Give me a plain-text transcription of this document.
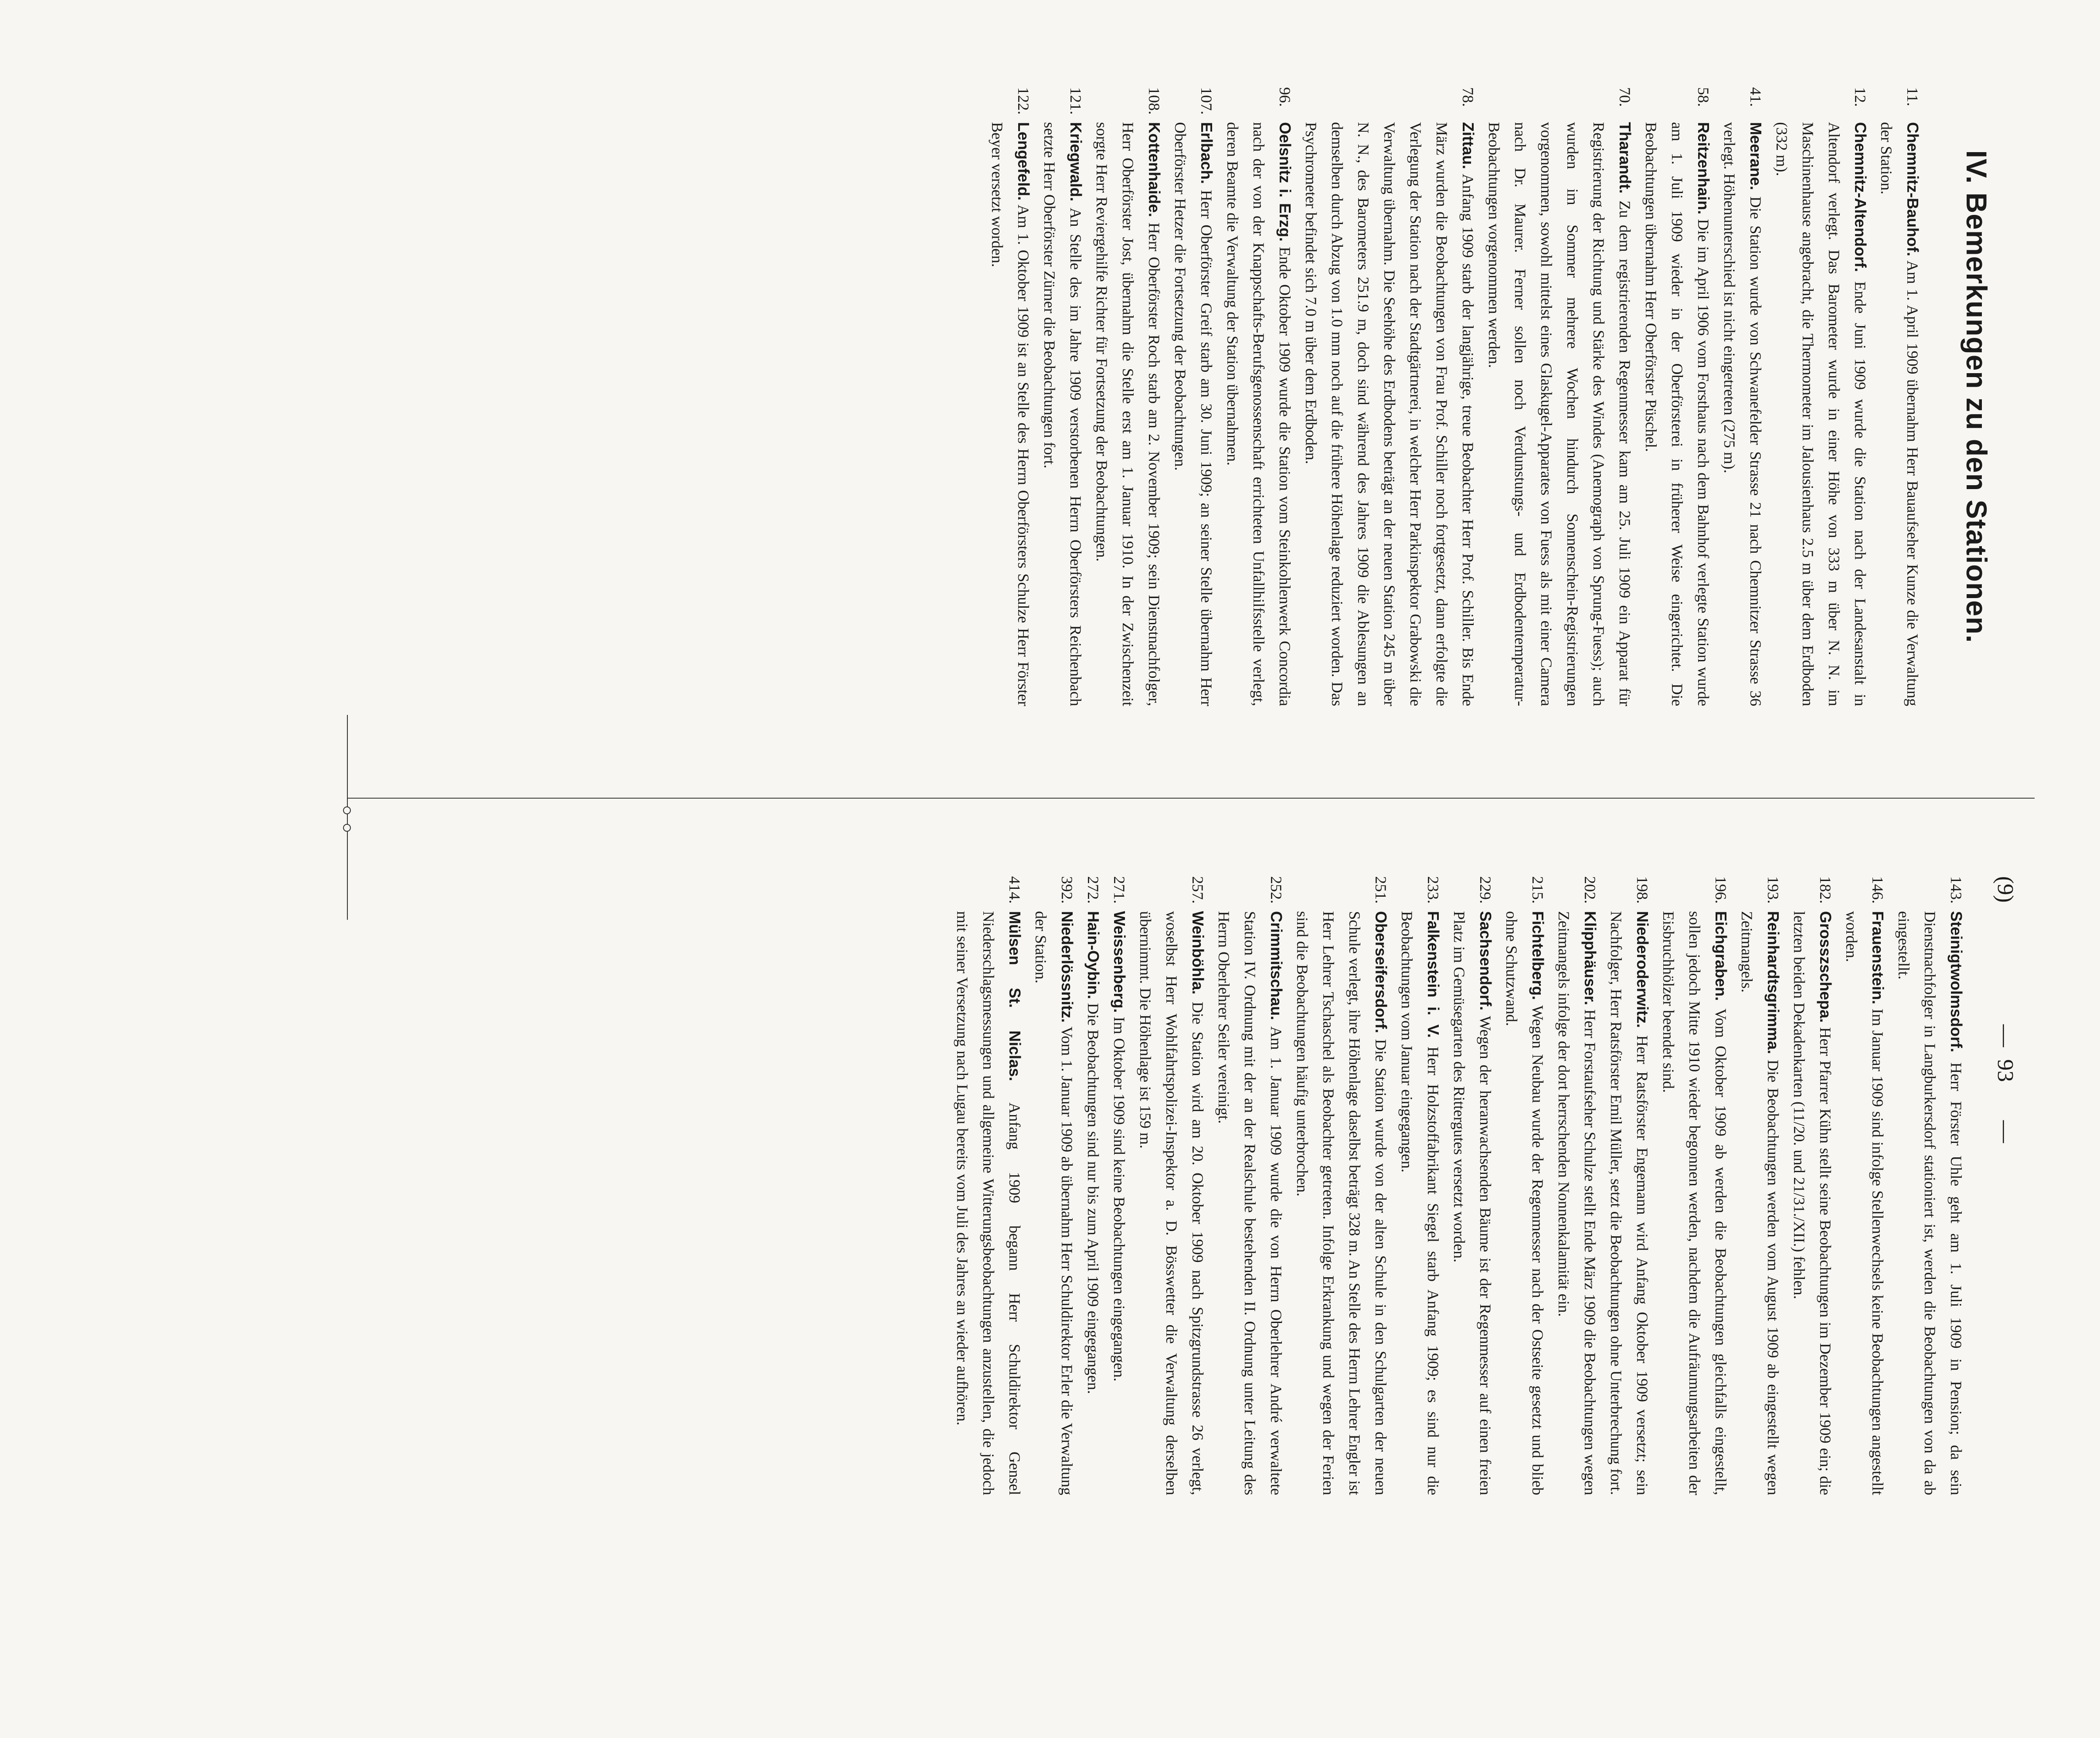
IV. Bemerkungen zu den Stationen.

11.Chemnitz-Bauhof. Am 1. April 1909 übernahm Herr Bauaufseher Kunze die Verwaltung der Station.

12.Chemnitz-Altendorf. Ende Juni 1909 wurde die Station nach der Landesanstalt in Altendorf verlegt. Das Barometer wurde in einer Höhe von 333 m über N. N. im Maschinenhause angebracht, die Thermometer im Jalousienhaus 2.5 m über dem Erdboden (332 m).

41.Meerane. Die Station wurde von Schwanefelder Strasse 21 nach Chemnitzer Strasse 36 verlegt. Höhenunterschied ist nicht eingetreten (275 m).

58.Reitzenhain. Die im April 1906 vom Forsthaus nach dem Bahnhof verlegte Station wurde am 1. Juli 1909 wieder in der Oberförsterei in früherer Weise eingerichtet. Die Beobachtungen übernahm Herr Oberförster Püschel.

70.Tharandt. Zu dem registrierenden Regenmesser kam am 25. Juli 1909 ein Apparat für Registrierung der Richtung und Stärke des Windes (Anemograph von Sprung-Fuess); auch wurden im Sommer mehrere Wochen hindurch Sonnenschein-Registrierungen vorgenommen, sowohl mittelst eines Glaskugel-Apparates von Fuess als mit einer Camera nach Dr. Maurer. Ferner sollen noch Verdunstungs- und Erdbodentemperatur-Beobachtungen vorgenommen werden.

78.Zittau. Anfang 1909 starb der langjährige, treue Beobachter Herr Prof. Schiller. Bis Ende März wurden die Beobachtungen von Frau Prof. Schiller noch fortgesetzt, dann erfolgte die Verlegung der Station nach der Stadtgärtnerei, in welcher Herr Parkinspektor Grabowski die Verwaltung übernahm. Die Seehöhe des Erdbodens beträgt an der neuen Station 245 m über N. N., des Barometers 251.9 m, doch sind während des Jahres 1909 die Ablesungen an demselben durch Abzug von 1.0 mm noch auf die frühere Höhenlage reduziert worden. Das Psychrometer befindet sich 7.0 m über dem Erdboden.

96.Oelsnitz i. Erzg. Ende Oktober 1909 wurde die Station vom Steinkohlenwerk Concordia nach der von der Knappschafts-Berufsgenossenschaft errichteten Unfallhilfsstelle verlegt, deren Beamte die Verwaltung der Station übernahmen.

107.Erlbach. Herr Oberförster Greif starb am 30. Juni 1909; an seiner Stelle übernahm Herr Oberförster Hetzer die Fortsetzung der Beobachtungen.

108.Kottenhaide. Herr Oberförster Roch starb am 2. November 1909; sein Dienstnachfolger, Herr Oberförster Jost, übernahm die Stelle erst am 1. Januar 1910. In der Zwischenzeit sorgte Herr Reviergehilfe Richter für Fortsetzung der Beobachtungen.

121.Kriegwald. An Stelle des im Jahre 1909 verstorbenen Herrn Oberförsters Reichenbach setzte Herr Oberförster Zürner die Beobachtungen fort.

122.Lengefeld. Am 1. Oktober 1909 ist an Stelle des Herrn Oberförsters Schulze Herr Förster Beyer versetzt worden.

(9)
—
93
—

143.Steinigtwolmsdorf. Herr Förster Uhle geht am 1. Juli 1909 in Pension; da sein Dienstnachfolger in Langburkersdorf stationiert ist, werden die Beobachtungen von da ab eingestellt.

146.Frauenstein. Im Januar 1909 sind infolge Stellenwechsels keine Beobachtungen angestellt worden.

182.Grosszschepa. Herr Pfarrer Kühn stellt seine Beobachtungen im Dezember 1909 ein; die letzten beiden Dekadenkarten (11/20. und 21/31./XII.) fehlen.

193.Reinhardtsgrimma. Die Beobachtungen werden vom August 1909 ab eingestellt wegen Zeitmangels.

196.Eichgraben. Vom Oktober 1909 ab werden die Beobachtungen gleichfalls eingestellt, sollen jedoch Mitte 1910 wieder begonnen werden, nachdem die Aufräumungsarbeiten der Eisbruchhölzer beendet sind.

198.Niederoderwitz. Herr Ratsförster Engemann wird Anfang Oktober 1909 versetzt; sein Nachfolger, Herr Ratsförster Emil Müller, setzt die Beobachtungen ohne Unterbrechung fort.

202.Klipphäuser. Herr Forstaufseher Schulze stellt Ende März 1909 die Beobachtungen wegen Zeitmangels infolge der dort herrschenden Nonnenkalamität ein.

215.Fichtelberg. Wegen Neubau wurde der Regenmesser nach der Ostseite gesetzt und blieb ohne Schutzwand.

229.Sachsendorf. Wegen der heranwachsenden Bäume ist der Regenmesser auf einen freien Platz im Gemüsegarten des Rittergutes versetzt worden.

233.Falkenstein i. V. Herr Holzstoffabrikant Siegel starb Anfang 1909; es sind nur die Beobachtungen vom Januar eingegangen.

251.Oberseifersdorf. Die Station wurde von der alten Schule in den Schulgarten der neuen Schule verlegt, ihre Höhenlage daselbst beträgt 328 m. An Stelle des Herrn Lehrer Engler ist Herr Lehrer Tschaschel als Beobachter getreten. Infolge Erkrankung und wegen der Ferien sind die Beobachtungen häufig unterbrochen.

252.Crimmitschau. Am 1. Januar 1909 wurde die von Herrn Oberlehrer André verwaltete Station IV. Ordnung mit der an der Realschule bestehenden II. Ordnung unter Leitung des Herrn Oberlehrer Seiler vereinigt.

257.Weinböhla. Die Station wird am 20. Oktober 1909 nach Spitzgrundstrasse 26 verlegt, woselbst Herr Wohlfahrtspolizei-Inspektor a. D. Bösswetter die Verwaltung derselben übernimmt. Die Höhenlage ist 159 m.

271.Weissenberg. Im Oktober 1909 sind keine Beobachtungen eingegangen.

272.Hain-Oybin. Die Beobachtungen sind nur bis zum April 1909 eingegangen.

392.Niederlössnitz. Vom 1. Januar 1909 ab übernahm Herr Schuldirektor Erler die Verwaltung der Station.

414.Mülsen St. Niclas. Anfang 1909 begann Herr Schuldirektor Gensel Niederschlagsmessungen und allgemeine Witterungsbeobachtungen anzustellen, die jedoch mit seiner Versetzung nach Lugau bereits vom Juli des Jahres an wieder aufhören.
